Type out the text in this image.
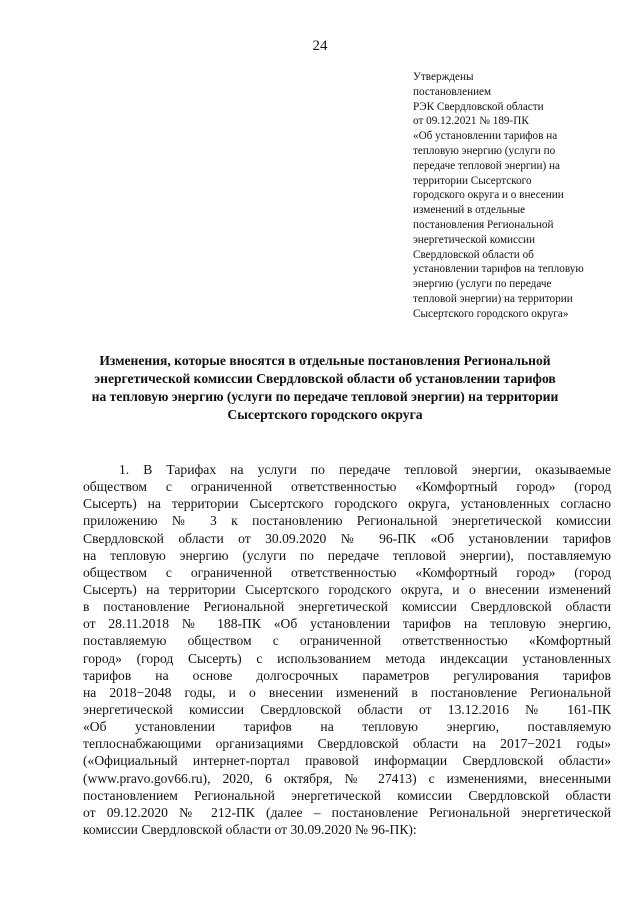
24
Утверждены
постановлением
РЭК Свердловской области
от 09.12.2021 № 189-ПК
«Об установлении тарифов на
тепловую энергию (услуги по
передаче тепловой энергии) на
территории Сысертского
городского округа и о внесении
изменений в отдельные
постановления Региональной
энергетической комиссии
Свердловской области об
установлении тарифов на тепловую
энергию (услуги по передаче
тепловой энергии) на территории
Сысертского городского округа»
Изменения, которые вносятся в отдельные постановления Региональной
энергетической комиссии Свердловской области об установлении тарифов
на тепловую энергию (услуги по передаче тепловой энергии) на территории
Сысертского городского округа
1. В Тарифах на услуги по передаче тепловой энергии, оказываемые
обществом с ограниченной ответственностью «Комфортный город» (город
Сысерть) на территории Сысертского городского округа, установленных согласно
приложению № 3 к постановлению Региональной энергетической комиссии
Свердловской области от 30.09.2020 № 96-ПК «Об установлении тарифов
на тепловую энергию (услуги по передаче тепловой энергии), поставляемую
обществом с ограниченной ответственностью «Комфортный город» (город
Сысерть) на территории Сысертского городского округа, и о внесении изменений
в постановление Региональной энергетической комиссии Свердловской области
от 28.11.2018 № 188-ПК «Об установлении тарифов на тепловую энергию,
поставляемую обществом с ограниченной ответственностью «Комфортный
город» (город Сысерть) с использованием метода индексации установленных
тарифов на основе долгосрочных параметров регулирования тарифов
на 2018−2048 годы, и о внесении изменений в постановление Региональной
энергетической комиссии Свердловской области от 13.12.2016 № 161-ПК
«Об установлении тарифов на тепловую энергию, поставляемую
теплоснабжающими организациями Свердловской области на 2017−2021 годы»
(«Официальный интернет-портал правовой информации Свердловской области»
(www.pravo.gov66.ru), 2020, 6 октября, № 27413) с изменениями, внесенными
постановлением Региональной энергетической комиссии Свердловской области
от 09.12.2020 № 212-ПК (далее – постановление Региональной энергетической
комиссии Свердловской области от 30.09.2020 № 96-ПК):
